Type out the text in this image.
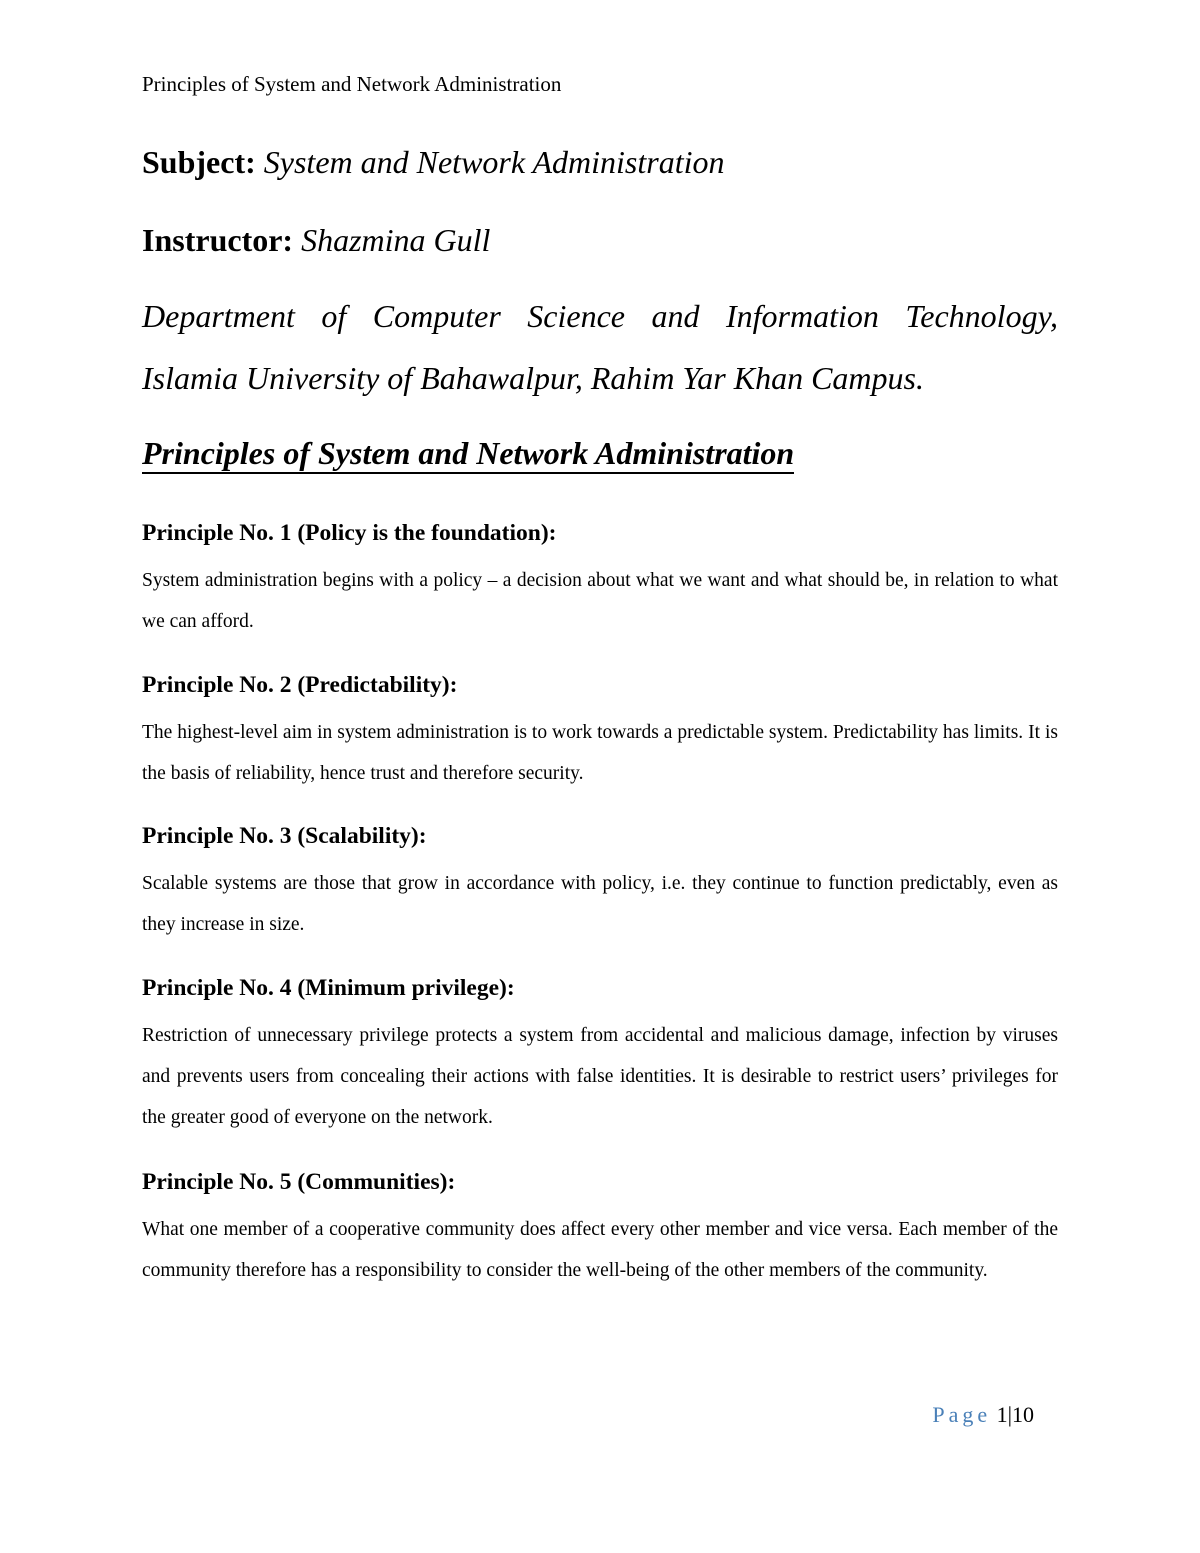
Principles of System and Network Administration
Subject: System and Network Administration
Instructor: Shazmina Gull
Department of Computer Science and Information Technology,
Islamia University of Bahawalpur, Rahim Yar Khan Campus.
Principles of System and Network Administration

Principle No. 1 (Policy is the foundation):

System administration begins with a policy – a decision about what we want and what should be, in relation to what we can afford.

Principle No. 2 (Predictability):

The highest-level aim in system administration is to work towards a predictable system. Predictability has limits. It is the basis of reliability, hence trust and therefore security.

Principle No. 3 (Scalability):

Scalable systems are those that grow in accordance with policy, i.e. they continue to function predictably, even as they increase in size.

Principle No. 4 (Minimum privilege):

Restriction of unnecessary privilege protects a system from accidental and malicious damage, infection by viruses and prevents users from concealing their actions with false identities. It is desirable to restrict users’ privileges for the greater good of everyone on the network.

Principle No. 5 (Communities):

What one member of a cooperative community does affect every other member and vice versa. Each member of the community therefore has a responsibility to consider the well-being of the other members of the community.

Page 1|10
